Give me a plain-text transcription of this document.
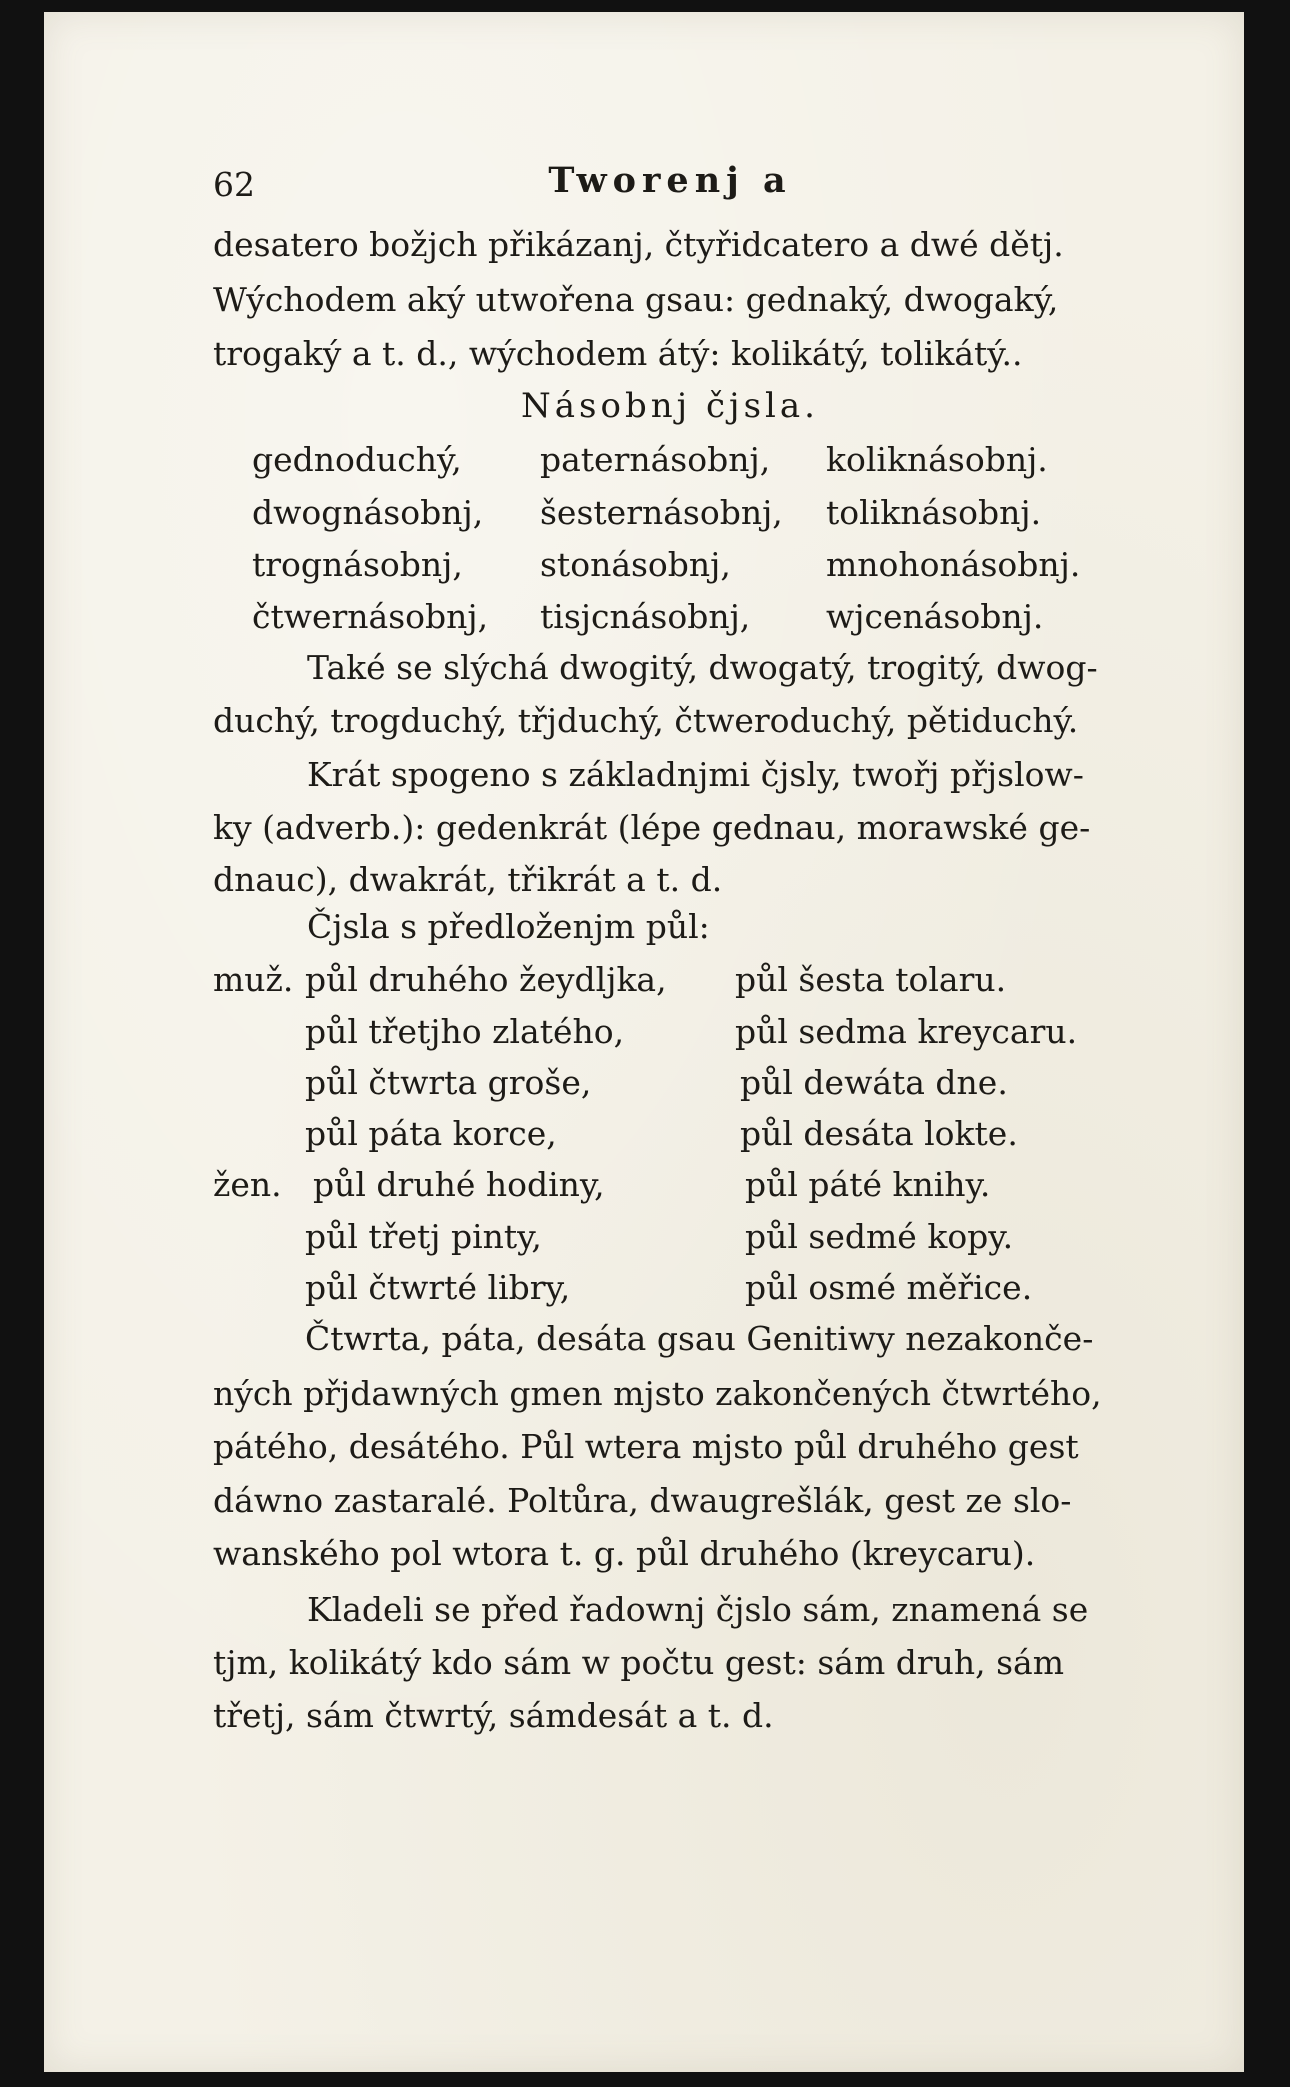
62	Tworenj a
desatero božjch přikázanj, čtyřidcatero a dwé dětj.
Wýchodem aký utwořena gsau: gednaký, dwogaký,
trogaký a t. d., wýchodem átý: kolikátý, tolikátý..
Násobnj čjsla.
gednoduchý, paternásobnj, koliknásobnj.
dwognásobnj, šesternásobnj, toliknásobnj.
trognásobnj, stonásobnj,	mnohonásobnj.
čtwernásobnj, tisjcnásobnj, wjcenásobnj.
Také se slýchá dwogitý, dwogatý, trogitý, dwog-
duchý, trogduchý, třjduchý, čtweroduchý, pětiduchý.
Krát spogeno s základnjmi čjsly, twořj přjslow-
ky (adverb.): gedenkrát (lépe gednau, morawské ge-
dnauc), dwakrát, třikrát a t. d.
Čjsla s předloženjm půl:
muž. půl druhého žeydljka, půl šesta tolaru.
půl třetjho zlatého,	půl sedma kreycaru.
půl čtwrta groše,	půl dewáta dne.
půl páta korce,	půl desáta lokte.
žen. půl druhé hodiny,	půl páté knihy.
půl třetj pinty,	půl sedmé kopy.
půl čtwrté libry,	půl osmé měřice.
Čtwrta, páta, desáta gsau Genitiwy nezakonče-
ných přjdawných gmen mjsto zakončených čtwrtého,
pátého, desátého. Půl wtera mjsto půl druhého gest
dáwno zastaralé. Poltůra, dwaugrešlák, gest ze slo-
wanského pol wtora t. g. půl druhého (kreycaru).
Kladeli se před řadownj čjslo sám, znamená se
tjm, kolikátý kdo sám w počtu gest: sám druh, sám
třetj, sám čtwrtý, sámdesát a t. d.
